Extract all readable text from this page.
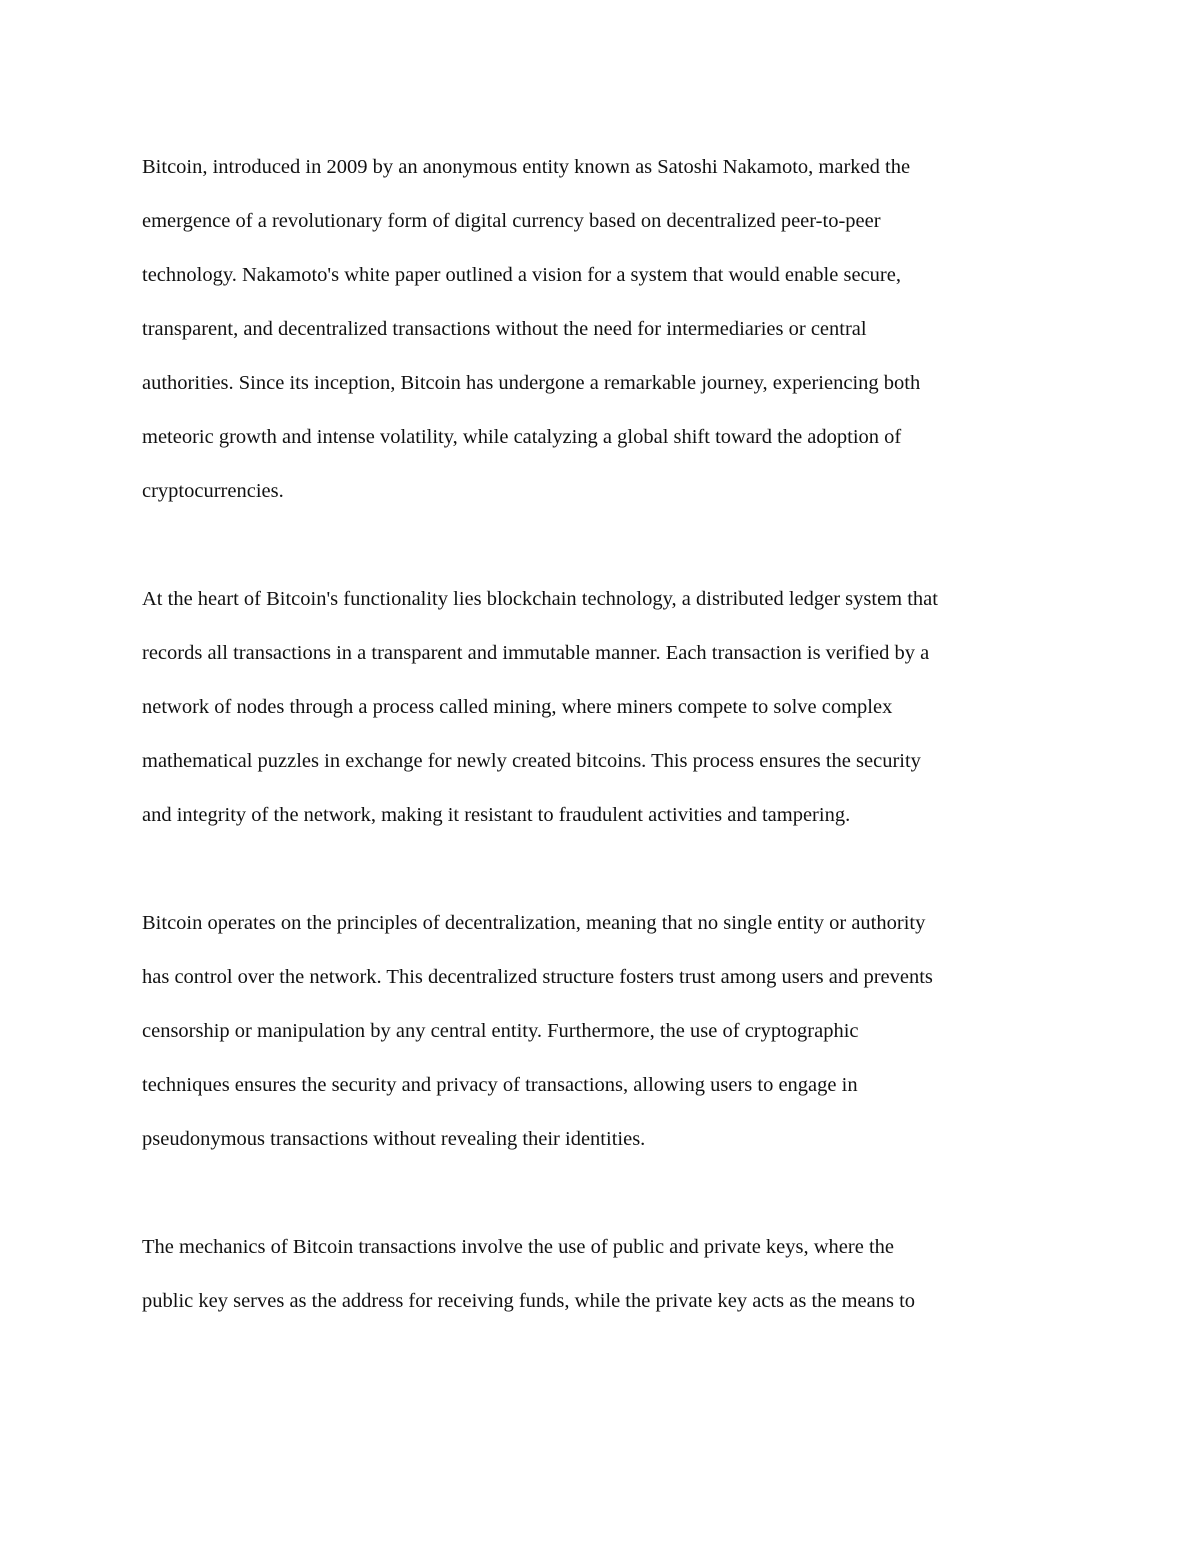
Bitcoin, introduced in 2009 by an anonymous entity known as Satoshi Nakamoto, marked the
emergence of a revolutionary form of digital currency based on decentralized peer-to-peer
technology. Nakamoto's white paper outlined a vision for a system that would enable secure,
transparent, and decentralized transactions without the need for intermediaries or central
authorities. Since its inception, Bitcoin has undergone a remarkable journey, experiencing both
meteoric growth and intense volatility, while catalyzing a global shift toward the adoption of
cryptocurrencies.

At the heart of Bitcoin's functionality lies blockchain technology, a distributed ledger system that
records all transactions in a transparent and immutable manner. Each transaction is verified by a
network of nodes through a process called mining, where miners compete to solve complex
mathematical puzzles in exchange for newly created bitcoins. This process ensures the security
and integrity of the network, making it resistant to fraudulent activities and tampering.

Bitcoin operates on the principles of decentralization, meaning that no single entity or authority
has control over the network. This decentralized structure fosters trust among users and prevents
censorship or manipulation by any central entity. Furthermore, the use of cryptographic
techniques ensures the security and privacy of transactions, allowing users to engage in
pseudonymous transactions without revealing their identities.

The mechanics of Bitcoin transactions involve the use of public and private keys, where the
public key serves as the address for receiving funds, while the private key acts as the means to
